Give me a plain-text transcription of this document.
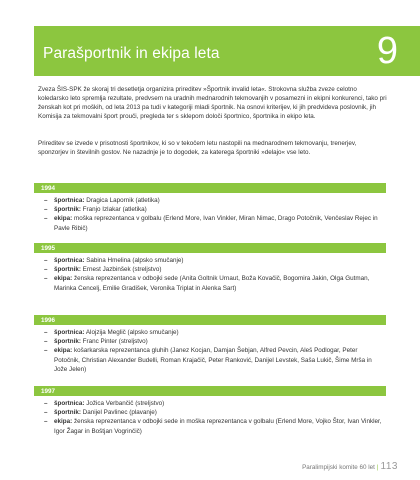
Parašportnik in ekipa leta	9

Zveza ŠIS-SPK že skoraj tri desetletja organizira prireditev »Športnik invalid leta«. Strokovna služba zveze celotno koledarsko leto spremlja rezultate, predvsem na uradnih mednarodnih tekmovanjih v posamezni in ekipni konkurenci, tako pri ženskah kot pri moških, od leta 2013 pa tudi v kategoriji mladi športnik. Na osnovi kriterijev, ki jih predvideva poslovnik, jih Komisija za tekmovalni šport prouči, pregleda ter s sklepom določi športnico, športnika in ekipo leta.

Prireditev se izvede v prisotnosti športnikov, ki so v tekočem letu nastopili na mednarodnem tekmovanju, trenerjev, sponzorjev in številnih gostov. Ne nazadnje je to dogodek, za katerega športniki »delajo« vse leto.

1994
– športnica: Dragica Lapornik (atletika)
– športnik: Franjo Izlakar (atletika)
– ekipa: moška reprezentanca v golbalu (Erlend More, Ivan Vinkler, Miran Nimac, Drago Potočnik, Venčeslav Rejec in Pavle Ribič)
1995
– športnica: Sabina Hmelina (alpsko smučanje)
– športnik: Ernest Jazbinšek (streljstvo)
– ekipa: ženska reprezentanca v odbojki sede (Anita Goltnik Urnaut, Boža Kovačič, Bogomira Jakin, Olga Gutman, Marinka Cencelj, Emilie Gradišek, Veronika Triplat in Alenka Sart)
1996
– športnica: Alojzija Meglič (alpsko smučanje)
– športnik: Franc Pinter (streljstvo)
– ekipa: košarkarska reprezentanca gluhih (Janez Kocjan, Damjan Šebjan, Alfred Pevcin, Aleš Podlogar, Peter Potočnik, Christian Alexander Budelli, Roman Krajačič, Peter Ranković, Danijel Levstek, Saša Lukič, Šime Mrša in Jože Jelen)
1997
– športnica: Jožica Verbančič (streljstvo)
– športnik: Danijel Pavlinec (plavanje)
– ekipa: ženska reprezentanca v odbojki sede in moška reprezentanca v golbalu (Erlend More, Vojko Štor, Ivan Vinkler, Igor Žagar in Boštjan Vogrinčič)
Paralimpijski komite 60 let | 113
